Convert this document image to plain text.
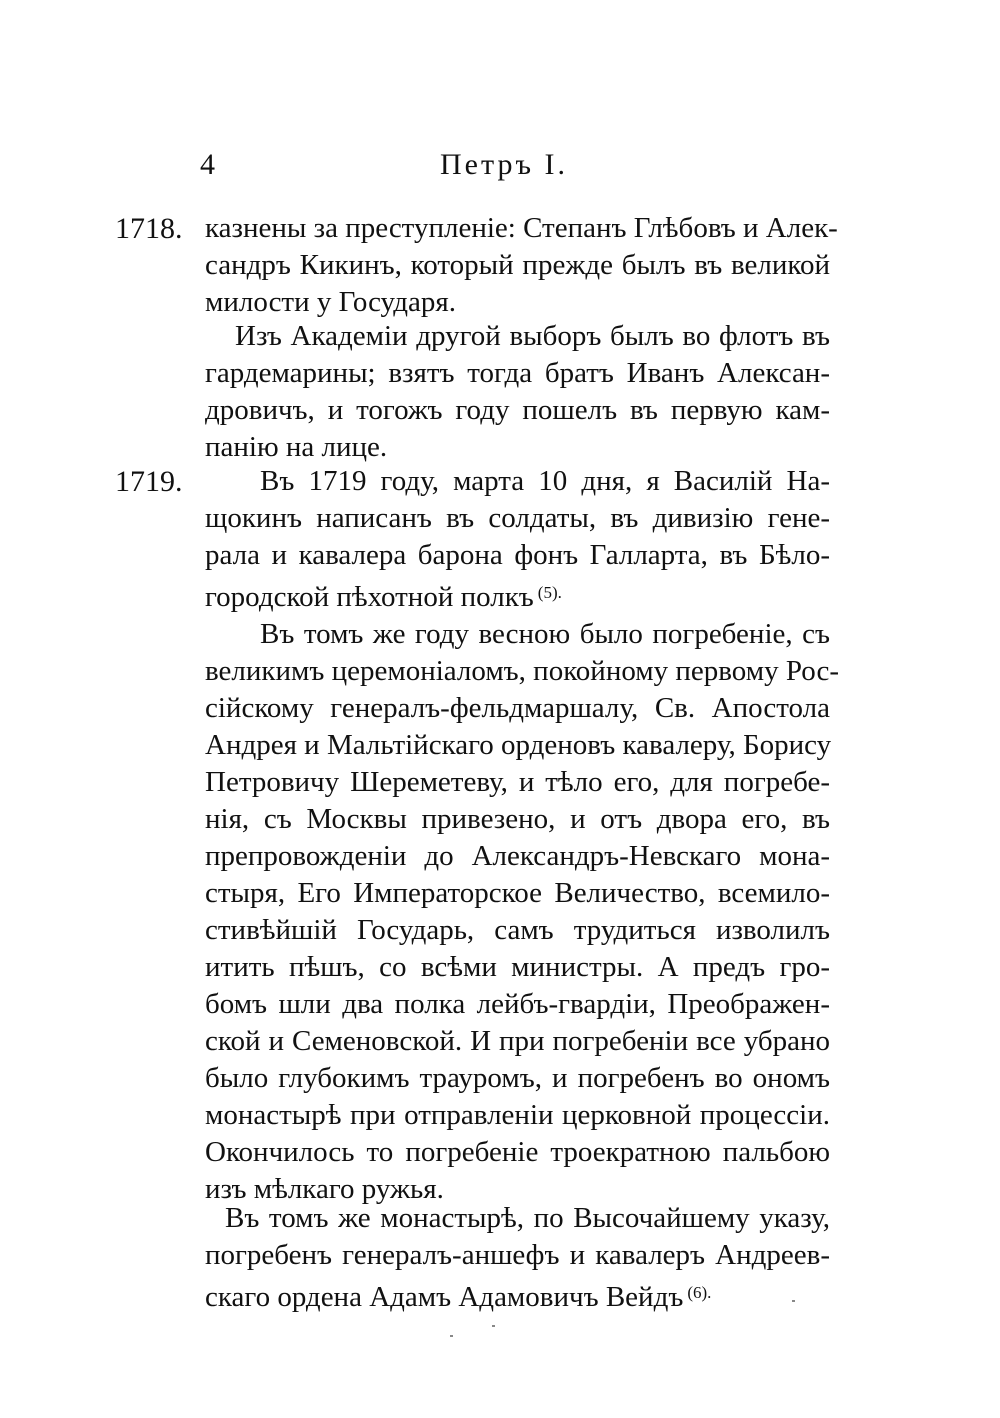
4	Петръ I.
1718. казнены за преступленіе: Степанъ Глѣбовъ и Алек-
сандръ Кикинъ, который прежде былъ въ великой
милости у Государя.
Изъ Академіи другой выборъ былъ во флотъ въ
гардемарины; взятъ тогда братъ Иванъ Алексан-
дровичъ, и тогожъ году пошелъ въ первую кам-
панію на лице.
1719.	Въ 1719 году, марта 10 дня, я Василій На-
щокинъ написанъ въ солдаты, въ дивизію гене-
рала и кавалера барона фонъ Галларта, въ Бѣло-
городской пѣхотной полкъ $^{(5).}$
Въ томъ же году весною было погребеніе, съ
великимъ церемоніаломъ, покойному первому Рос-
сійскому генералъ-фельдмаршалу, Св. Апостола
Андрея и Мальтійскаго орденовъ кавалеру, Борису
Петровичу Шереметеву, и тѣло его, для погребе-
нія, съ Москвы привезено, и отъ двора его, въ
препровожденіи до Александръ-Невскаго мона-
стыря, Его Императорское Величество, всемило-
стивѣйшій Государь, самъ трудиться изволилъ
итить пѣшъ, со всѣми министры. А предъ гро-
бомъ шли два полка лейбъ-гвардіи, Преображен-
ской и Семеновской. И при погребеніи все убрано
было глубокимъ трауромъ, и погребенъ во ономъ
монастырѣ при отправленіи церковной процессіи.
Окончилось то погребеніе троекратною пальбою
изъ мѣлкаго ружья.
Въ томъ же монастырѣ, по Высочайшему указу,
погребенъ генералъ-аншефъ и кавалеръ Андреев-
скаго ордена Адамъ Адамовичъ Вейдъ $^{(6).}$
